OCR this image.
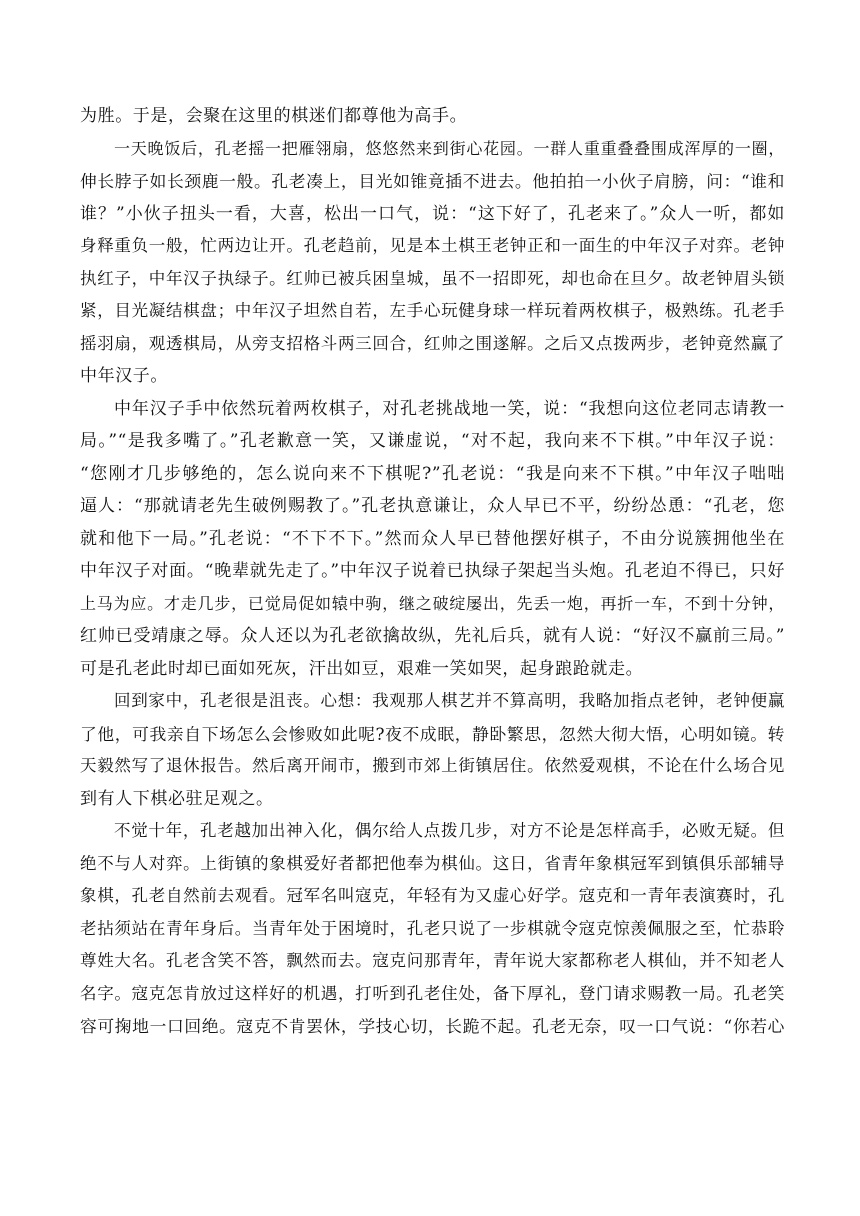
为胜。于是，会聚在这里的棋迷们都尊他为高手。
一天晚饭后，孔老摇一把雁翎扇，悠悠然来到街心花园。一群人重重叠叠围成浑厚的一圈，
伸长脖子如长颈鹿一般。孔老凑上，目光如锥竟插不进去。他拍拍一小伙子肩膀，问：“谁和
谁？”小伙子扭头一看，大喜，松出一口气，说：“这下好了，孔老来了。”众人一听，都如
身释重负一般，忙两边让开。孔老趋前，见是本土棋王老钟正和一面生的中年汉子对弈。老钟
执红子，中年汉子执绿子。红帅已被兵困皇城，虽不一招即死，却也命在旦夕。故老钟眉头锁
紧，目光凝结棋盘；中年汉子坦然自若，左手心玩健身球一样玩着两枚棋子，极熟练。孔老手
摇羽扇，观透棋局，从旁支招格斗两三回合，红帅之围遂解。之后又点拨两步，老钟竟然赢了
中年汉子。
中年汉子手中依然玩着两枚棋子，对孔老挑战地一笑，说：“我想向这位老同志请教一
局。”“是我多嘴了。”孔老歉意一笑，又谦虚说，“对不起，我向来不下棋。”中年汉子说：
“您刚才几步够绝的，怎么说向来不下棋呢?”孔老说：“我是向来不下棋。”中年汉子咄咄
逼人：“那就请老先生破例赐教了。”孔老执意谦让，众人早已不平，纷纷怂恿：“孔老，您
就和他下一局。”孔老说：“不下不下。”然而众人早已替他摆好棋子，不由分说簇拥他坐在
中年汉子对面。“晚辈就先走了。”中年汉子说着已执绿子架起当头炮。孔老迫不得已，只好
上马为应。才走几步，已觉局促如辕中驹，继之破绽屡出，先丢一炮，再折一车，不到十分钟，
红帅已受靖康之辱。众人还以为孔老欲擒故纵，先礼后兵，就有人说：“好汉不赢前三局。”
可是孔老此时却已面如死灰，汗出如豆，艰难一笑如哭，起身踉跄就走。
回到家中，孔老很是沮丧。心想：我观那人棋艺并不算高明，我略加指点老钟，老钟便赢
了他，可我亲自下场怎么会惨败如此呢?夜不成眠，静卧繁思，忽然大彻大悟，心明如镜。转
天毅然写了退休报告。然后离开闹市，搬到市郊上街镇居住。依然爱观棋，不论在什么场合见
到有人下棋必驻足观之。
不觉十年，孔老越加出神入化，偶尔给人点拨几步，对方不论是怎样高手，必败无疑。但
绝不与人对弈。上街镇的象棋爱好者都把他奉为棋仙。这日，省青年象棋冠军到镇俱乐部辅导
象棋，孔老自然前去观看。冠军名叫寇克，年轻有为又虚心好学。寇克和一青年表演赛时，孔
老拈须站在青年身后。当青年处于困境时，孔老只说了一步棋就令寇克惊羡佩服之至，忙恭聆
尊姓大名。孔老含笑不答，飘然而去。寇克问那青年，青年说大家都称老人棋仙，并不知老人
名字。寇克怎肯放过这样好的机遇，打听到孔老住处，备下厚礼，登门请求赐教一局。孔老笑
容可掬地一口回绝。寇克不肯罢休，学技心切，长跪不起。孔老无奈，叹一口气说：“你若心
